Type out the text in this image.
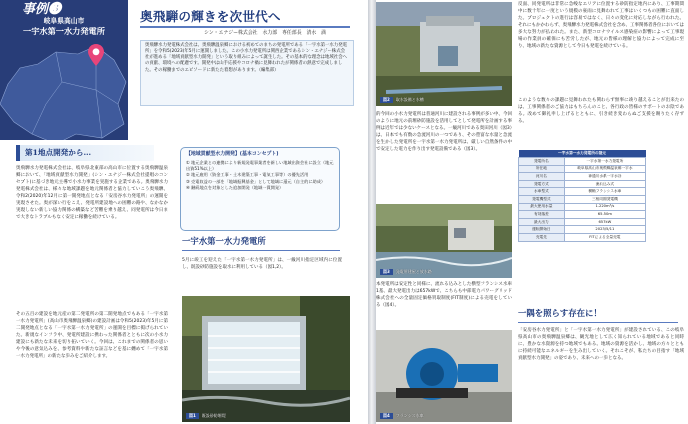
事例❸
岐阜県高山市
一宇水第一水力発電所
奥飛騨の輝きを次世代へ
シン・エナジー株式会社　水力部　専任部長　清水　満
奥飛騨水力発電株式会社は、奥飛騨温泉郷における初めてのまちの発電所である「一宇水第一水力発電所」を令和5(2023)年5月に運開しました。この小水力発電所は関西企業であるシン・エナジー株式会社が進める「地域貢献型水力開発」という取り組みによって誕生した。その基本的な理念は地域社会への貢献、環境への配慮です。開発中は山手応援やコロナ禍に見舞われたが関係者の熱意で完成しました。その稼働までのエピソードに新たた着想があります。（編集部）
第1地点開発から…
奥飛騨水力発電株式会社は、岐阜県北東部の高山市に位置する奥飛騨温泉郷において、「地域貢献型水力開発」(シン・エナジー株式会社提唱のコンセプト)に基づき地元主導で小水力事業を実施する企業である。奥飛騨水力発電株式会社は、様々な地域課題を地元関係者と協力していこう奥飛騨、令和2(2020)年12月に第一開発地点となる「安房谷水力発電所」の運開を実現させた。奥が深い行をこえ、発電所建設地への困難の路や、なかなか実現しない新しい協力関係の構築など苦難を乗り越え、同発電所は今日まで大きなトラブルもなく安定に稼働を続けている。
その五百の建設を地元産の第二発電所の第二開発地点でもある「一宇水第一水力発電所」(高山市奥飛騨温泉郷)の建設計画は令和5(2023)年5月に第二開発地点となる「一宇水第一水力発電所」の運開を目標に掲げられていた。新規なインフラ中、発電所建設に携わった関係者とともに次の小水力建設にも新たな未来を切り拓いていく。今回は、これまでの関係者の思いや今後の意気込みを、参考資料や新たな証言などを基に纏めて「一宇水第一水力発電所」の新たな歩みをご紹介します。
【地域貢献型水力開発】(基本コンセプト)
① 地元企業との連携により新規発電事業者を新しい地域出資会社に設立（地元出資51%以上）
② 地元雇用（資金工事・土木建築工事・電気工事等）の優先活用
③ 売電収益の一部を「地域振興基金」として地域に還元（自主的に助成）
④ 継続地点を対象とした追加開発（地域一貫開発）
一宇水第一水力発電所
5月に竣工を迎えた「一宇水第一水力発電所」は、一級河川指定区域内に位置し、既設砂防施設を取水に利用している（図1,2）。
図1	既設砂防堰堤
図2	取水設備と水槽
的今回の小水力発電所は普通河川に建設される事例が多い中、今回のように地元の前堰砂防施設を活用してとして発電所を計画する事例は近年では少ないケースとなる。一級河川である奥田河川（図3）は、日本でも有数の急流河川の一つであり、その豊富な水量と急流を生かした発電所を一宇水第一水力発電所は、厳しい自然条件の中で安定した電力を作り出す発電設備である（図3）。
図3	発電所建屋と放水路
本発電所は安定性と同様に、流れる込みとした横型フランシス水車1基、最大発電出力は657kWで、こちらも中部電力パワーグリッド株式会社への全量固定価格買取制度(FIT制度)による売電をしている（図4）。
図4	フランシス水車
反面、同発電所は非常に急峻なエリアに位置する砂防指定地内にあり、工事期間中に数十年に一度という規模の豪雨に見舞われて工事はいくつもの困難に直面した。プロジェクトの進行は容易ではなく、日々の変化に対応しながら行われた。それにもかかわらず、奥飛騨水力発電株式会社を含め、工事関係者各位においては多大な努力が払われた。また、新型コロナウイルス感染症の影響によって工事現場の作業員の確保にも苦労したが、地元の皆様の理解と協力によって完成に至り、地域の新たな資源として今日も発電を続けている。
このような数々の課題に見舞われたも関わらず無事に竣り越えることが出来たのは、工事関係者のご協力はもちろんのこと、各行政の皆様のサポートのお陰である。改めて御礼申し上げるとともに、引き続き変わらぬご支援を賜りたく存ずる。
一宇水第一水力発電所の諸元	
発電所名	一宇水第一水力発電所
所在地	岐阜県高山市奥飛騨温泉郷一宇水
河川名	神通川水系一宇水谷
発電方式	流れ込み式
水車型式	横軸フランシス水車
発電機型式	三相同期発電機
最大使用水量	1.220m³/s
有効落差	65.50m
最大出力	657kW
運転開始日	2023/5/11
売電先	FITによる全量売電
一隅を照らす存在に！
「安房谷水力発電所」と「一宇水第一水力発電所」が建設されている、この岐阜県高山市の奥飛騨温泉郷は、観光地として広く知られている地域であると同時に、豊かな水資源を持つ地域でもある。地域の資源を活かし、地域の方々とともに持続可能なエネルギーを生み出していく。それこそが、私たちの目指す「地域貢献型水力開発」の姿であり、未来への一歩となる。
